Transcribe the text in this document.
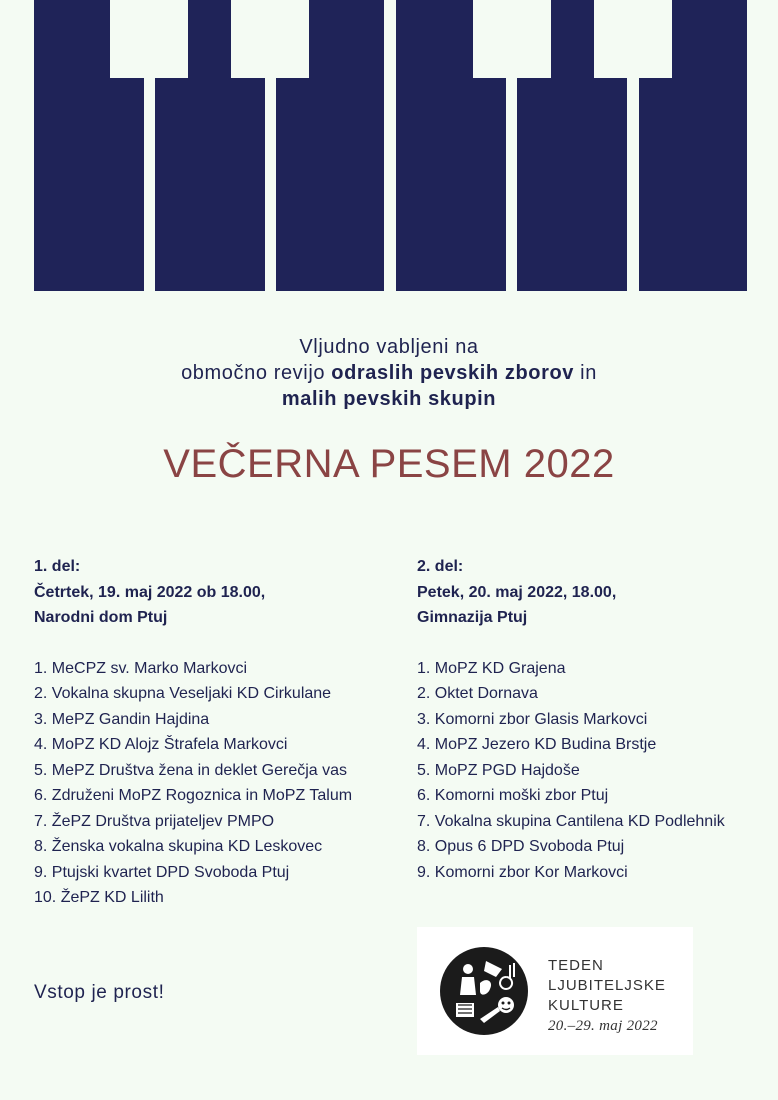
Vljudno vabljeni na
območno revijo odraslih pevskih zborov in
malih pevskih skupin
VEČERNA PESEM 2022
1. del:
Četrtek, 19. maj 2022 ob 18.00,
Narodni dom Ptuj
1. MeCPZ sv. Marko Markovci
2. Vokalna skupna Veseljaki KD Cirkulane
3. MePZ Gandin Hajdina
4. MoPZ KD Alojz Štrafela Markovci
5. MePZ Društva žena in deklet Gerečja vas
6. Združeni MoPZ Rogoznica in MoPZ Talum
7. ŽePZ Društva prijateljev PMPO
8. Ženska vokalna skupina KD Leskovec
9. Ptujski kvartet DPD Svoboda Ptuj
10. ŽePZ KD Lilith
2. del:
Petek, 20. maj 2022, 18.00,
Gimnazija Ptuj
1. MoPZ KD Grajena
2. Oktet Dornava
3. Komorni zbor Glasis Markovci
4. MoPZ Jezero KD Budina Brstje
5. MoPZ PGD Hajdoše
6. Komorni moški zbor Ptuj
7. Vokalna skupina Cantilena KD Podlehnik
8. Opus 6 DPD Svoboda Ptuj
9. Komorni zbor Kor Markovci
Vstop je prost!
TEDEN
LJUBITELJSKE
KULTURE
20.–29. maj 2022
